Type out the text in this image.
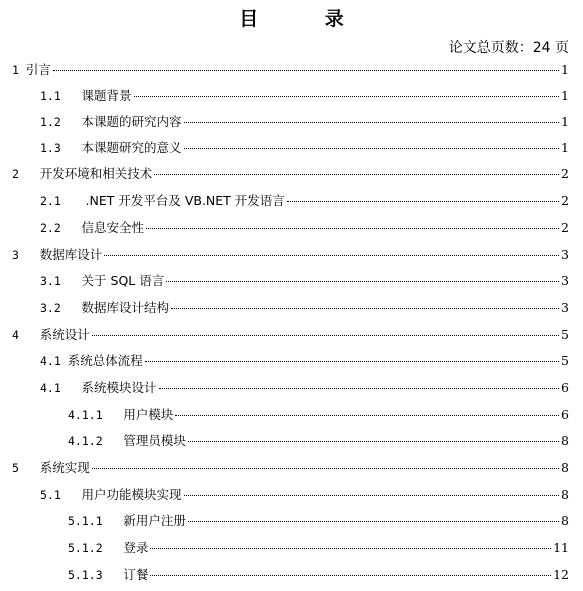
目 录
论文总页数：24 页
1 引言	1
1.1 课题背景	1
1.2 本课题的研究内容	1
1.3 本课题研究的意义	1
2 开发环境和相关技术	2
2.1 .NET 开发平台及 VB.NET 开发语言	2
2.2 信息安全性	2
3 数据库设计	3
3.1 关于 SQL 语言	3
3.2 数据库设计结构	3
4 系统设计	5
4.1 系统总体流程	5
4.1 系统模块设计	6
4.1.1 用户模块	6
4.1.2 管理员模块	8
5 系统实现	8
5.1 用户功能模块实现	8
5.1.1 新用户注册	8
5.1.2 登录	11
5.1.3 订餐	12
